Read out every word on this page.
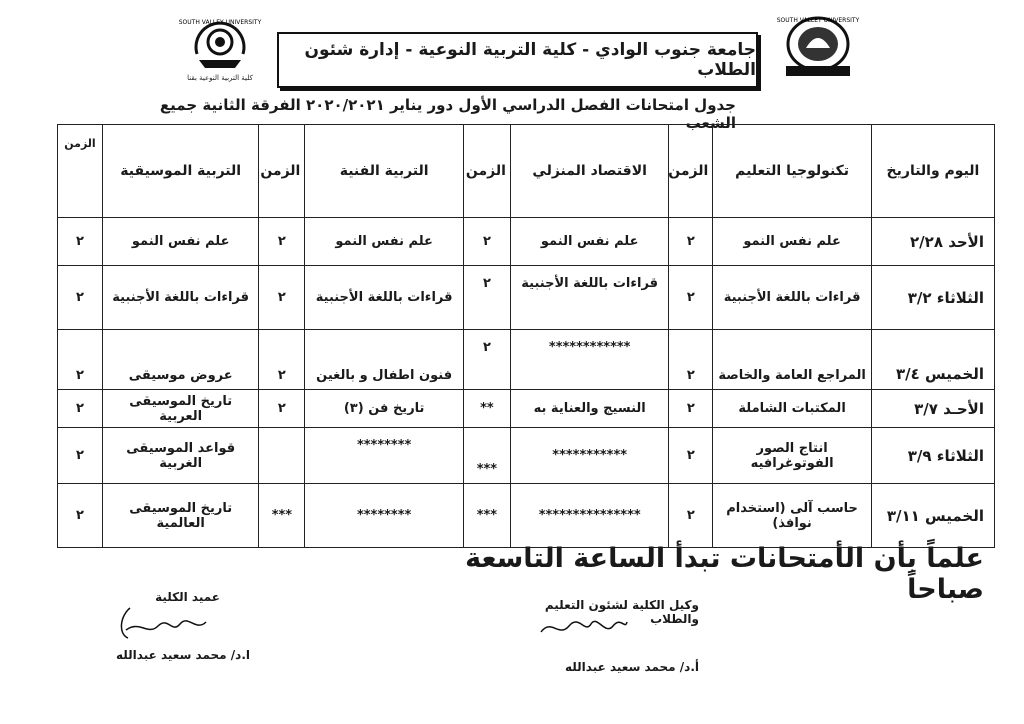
SOUTH VALLEY UNIVERSITY
كلية التربية النوعية بقنا
جامعة جنوب الوادي - كلية التربية النوعية - إدارة شئون الطلاب
SOUTH VALLEY UNIVERSITY
جدول امتحانات الفصل الدراسي الأول دور يناير ٢٠٢٠/٢٠٢١ الفرقة الثانية جميع الشعب
اليوم والتاريخ	تكنولوجيا التعليم	الزمن	الاقتصاد المنزلي	الزمن	التربية الفنية	الزمن	التربية الموسيقية	الزمن
الأحد ٢/٢٨	علم نفس النمو	٢	علم نفس النمو	٢	علم نفس النمو	٢	علم نفس النمو	٢
الثلاثاء ٣/٢	قراءات باللغة الأجنبية	٢	قراءات باللغة الأجنبية	٢	قراءات باللغة الأجنبية	٢	قراءات باللغة الأجنبية	٢
الخميس ٣/٤	المراجع العامة والخاصة	٢	************	٢	فنون اطفال و بالغين	٢	عروض موسيقى	٢
الأحـد ٣/٧	المكتبات الشاملة	٢	النسيج والعناية به	**	تاريخ فن (٣)	٢	تاريخ الموسيقى العربية	٢
الثلاثاء ٣/٩	انتاج الصور الفوتوغرافيه	٢	***********	***	********		قواعد الموسيقى الغربية	٢
الخميس ٣/١١	حاسب آلى (استخدام نوافذ)	٢	***************	***	********	***	تاريخ الموسيقى العالمية	٢
علماً بأن الأمتحانات تبدأ الساعة التاسعة صباحاً
وكيل الكلية لشئون التعليم والطلاب
أ.د/ محمد سعيد عبدالله
عميد الكلية
ا.د/ محمد سعيد عبدالله
